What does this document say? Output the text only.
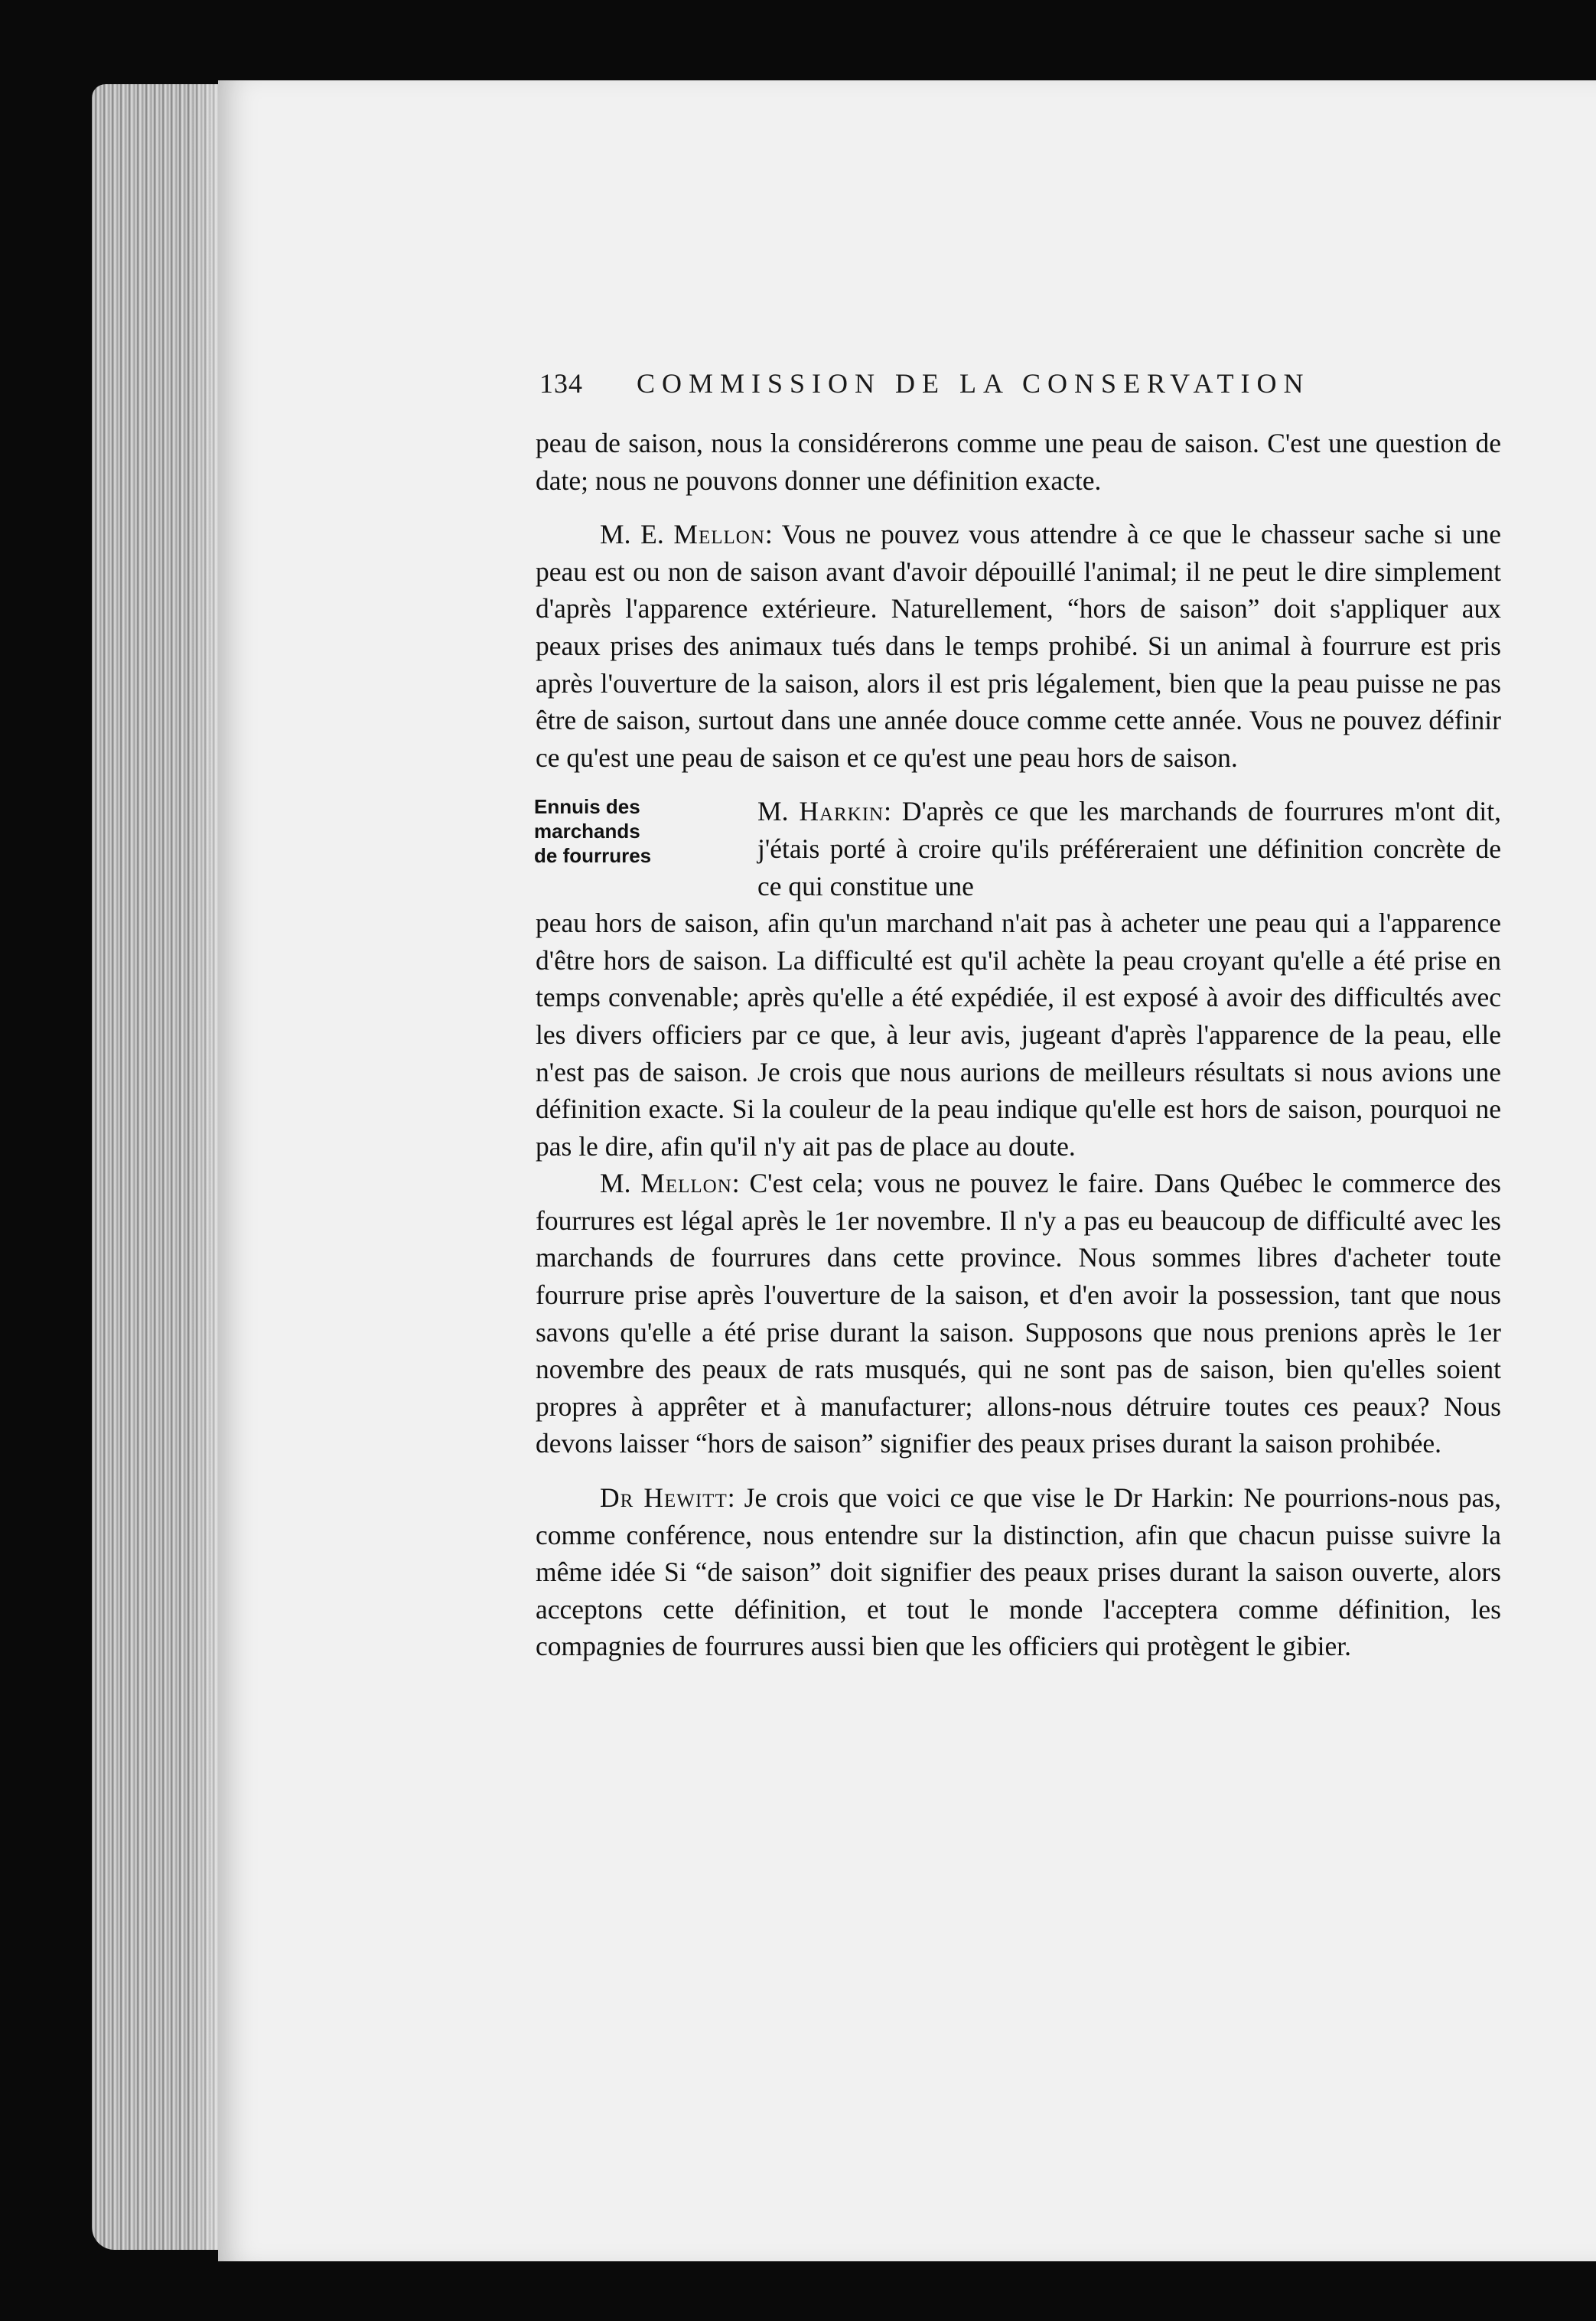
134 COMMISSION DE LA CONSERVATION

peau de saison, nous la considérerons comme une peau de saison. C'est une question de date; nous ne pouvons donner une définition exacte.

M. E. Mellon: Vous ne pouvez vous attendre à ce que le chasseur sache si une peau est ou non de saison avant d'avoir dépouillé l'animal; il ne peut le dire simplement d'après l'apparence extérieure. Naturellement, “hors de saison” doit s'appliquer aux peaux prises des animaux tués dans le temps prohibé. Si un animal à fourrure est pris après l'ouverture de la saison, alors il est pris légalement, bien que la peau puisse ne pas être de saison, surtout dans une année douce comme cette année. Vous ne pouvez définir ce qu'est une peau de saison et ce qu'est une peau hors de saison.

Ennuis des
marchands
de fourrures

M. Harkin: D'après ce que les marchands de fourrures m'ont dit, j'étais porté à croire qu'ils préféreraient une définition concrète de ce qui constitue une
peau hors de saison, afin qu'un marchand n'ait pas à acheter une peau qui a l'apparence d'être hors de saison. La difficulté est qu'il achète la peau croyant qu'elle a été prise en temps convenable; après qu'elle a été expédiée, il est exposé à avoir des difficultés avec les divers officiers par ce que, à leur avis, jugeant d'après l'apparence de la peau, elle n'est pas de saison. Je crois que nous aurions de meilleurs résultats si nous avions une définition exacte. Si la couleur de la peau indique qu'elle est hors de saison, pourquoi ne pas le dire, afin qu'il n'y ait pas de place au doute.

M. Mellon: C'est cela; vous ne pouvez le faire. Dans Québec le commerce des fourrures est légal après le 1er novembre. Il n'y a pas eu beaucoup de difficulté avec les marchands de fourrures dans cette province. Nous sommes libres d'acheter toute fourrure prise après l'ouverture de la saison, et d'en avoir la possession, tant que nous savons qu'elle a été prise durant la saison. Supposons que nous prenions après le 1er novembre des peaux de rats musqués, qui ne sont pas de saison, bien qu'elles soient propres à apprêter et à manufacturer; allons-nous détruire toutes ces peaux? Nous devons laisser “hors de saison” signifier des peaux prises durant la saison prohibée.

Dr Hewitt: Je crois que voici ce que vise le Dr Harkin: Ne pourrions-nous pas, comme conférence, nous entendre sur la distinction, afin que chacun puisse suivre la même idée Si “de saison” doit signifier des peaux prises durant la saison ouverte, alors acceptons cette définition, et tout le monde l'acceptera comme définition, les compagnies de fourrures aussi bien que les officiers qui protègent le gibier.
